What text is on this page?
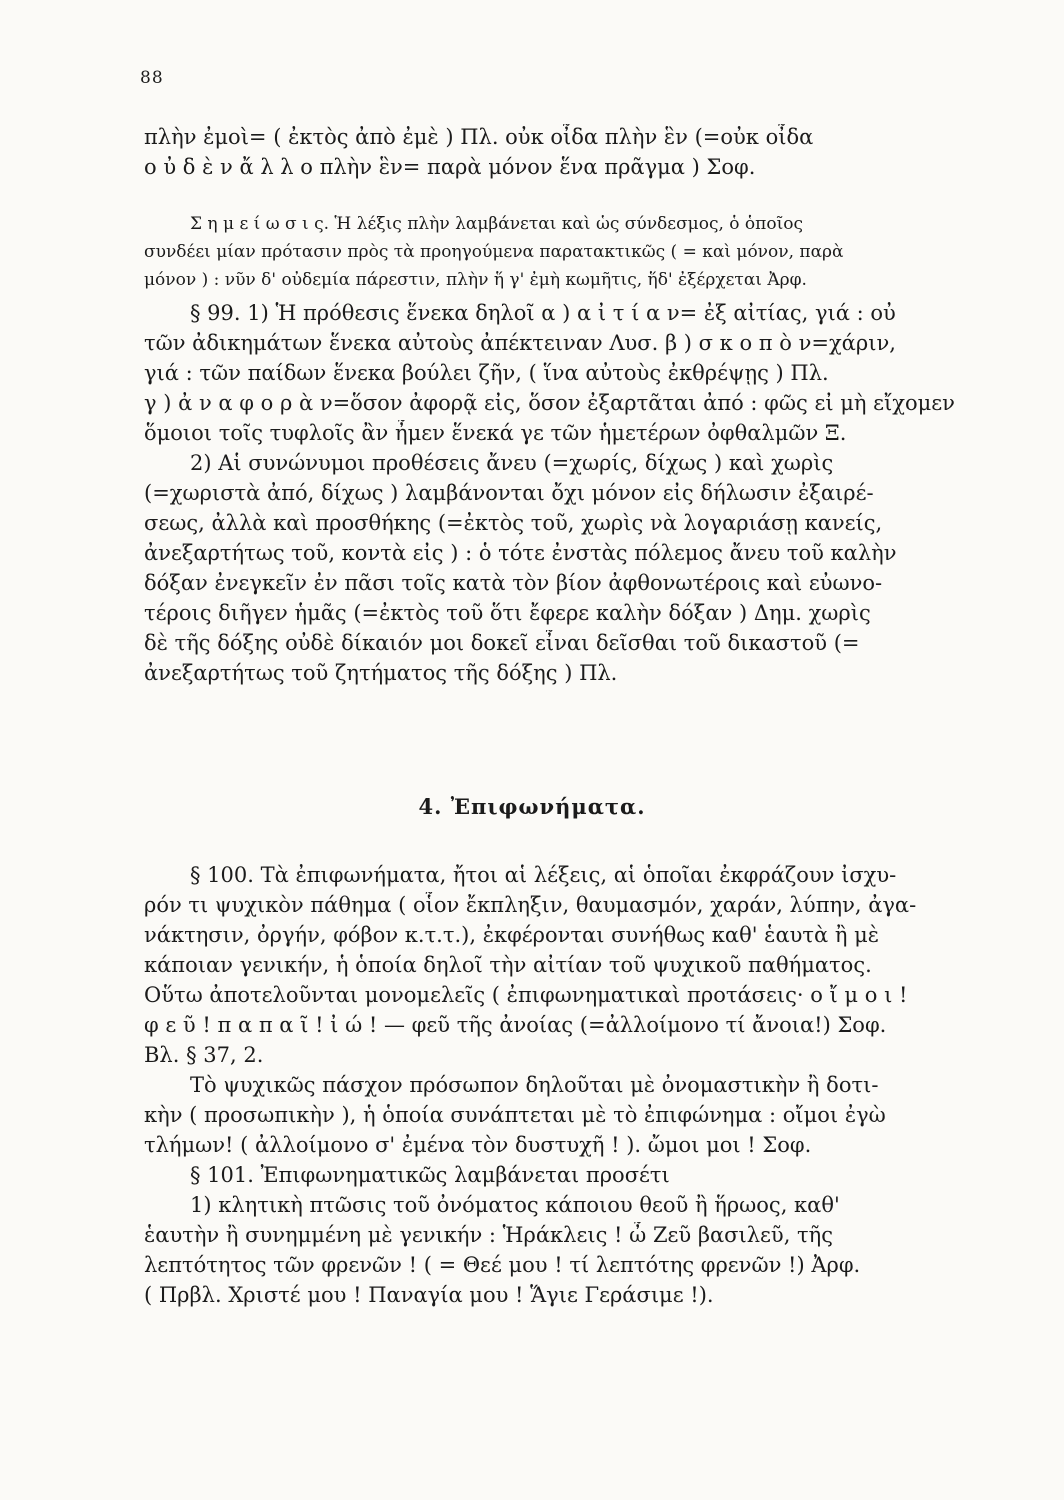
88
πλὴν ἐμοὶ= ( ἐκτὸς ἀπὸ ἐμὲ ) Πλ. οὐκ οἶδα πλὴν ἓν (=οὐκ οἶδα
ο ὐ δ ὲ ν ἄ λ λ ο πλὴν ἓν= παρὰ μόνον ἕνα πρᾶγμα ) Σοφ.
Σ η μ ε ί ω σ ι ς. Ἡ λέξις πλὴν λαμβάνεται καὶ ὡς σύνδεσμος, ὁ ὁποῖος
συνδέει μίαν πρότασιν πρὸς τὰ προηγούμενα παρατακτικῶς ( = καὶ μόνον, παρὰ
μόνον ) : νῦν δ' οὐδεμία πάρεστιν, πλὴν ἥ γ' ἐμὴ κωμῆτις, ἥδ' ἐξέρχεται Ἀρφ.
§ 99. 1) Ἡ πρόθεσις ἕνεκα δηλοῖ α ) α ἰ τ ί α ν= ἐξ αἰτίας, γιά : οὐ
τῶν ἀδικημάτων ἕνεκα αὐτοὺς ἀπέκτειναν Λυσ. β ) σ κ ο π ὸ ν=χάριν,
γιά : τῶν παίδων ἕνεκα βούλει ζῆν, ( ἵνα αὐτοὺς ἐκθρέψῃς ) Πλ.
γ ) ἀ ν α φ ο ρ ὰ ν=ὅσον ἀφορᾷ εἰς, ὅσον ἐξαρτᾶται ἀπό : φῶς εἰ μὴ εἴχομεν
ὅμοιοι τοῖς τυφλοῖς ἂν ἦμεν ἕνεκά γε τῶν ἡμετέρων ὀφθαλμῶν Ξ.
2) Αἱ συνώνυμοι προθέσεις ἄνευ (=χωρίς, δίχως ) καὶ χωρὶς
(=χωριστὰ ἀπό, δίχως ) λαμβάνονται ὄχι μόνον εἰς δήλωσιν ἐξαιρέ-
σεως, ἀλλὰ καὶ προσθήκης (=ἐκτὸς τοῦ, χωρὶς νὰ λογαριάσῃ κανείς,
ἀνεξαρτήτως τοῦ, κοντὰ εἰς ) : ὁ τότε ἐνστὰς πόλεμος ἄνευ τοῦ καλὴν
δόξαν ἐνεγκεῖν ἐν πᾶσι τοῖς κατὰ τὸν βίον ἀφθονωτέροις καὶ εὐωνο-
τέροις διῆγεν ἡμᾶς (=ἐκτὸς τοῦ ὅτι ἔφερε καλὴν δόξαν ) Δημ. χωρὶς
δὲ τῆς δόξης οὐδὲ δίκαιόν μοι δοκεῖ εἶναι δεῖσθαι τοῦ δικαστοῦ (=
ἀνεξαρτήτως τοῦ ζητήματος τῆς δόξης ) Πλ.
4. Ἐπιφωνήματα.
§ 100. Τὰ ἐπιφωνήματα, ἤτοι αἱ λέξεις, αἱ ὁποῖαι ἐκφράζουν ἰσχυ-
ρόν τι ψυχικὸν πάθημα ( οἷον ἔκπληξιν, θαυμασμόν, χαράν, λύπην, ἀγα-
νάκτησιν, ὀργήν, φόβον κ.τ.τ.), ἐκφέρονται συνήθως καθ' ἑαυτὰ ἢ μὲ
κάποιαν γενικήν, ἡ ὁποία δηλοῖ τὴν αἰτίαν τοῦ ψυχικοῦ παθήματος.
Οὕτω ἀποτελοῦνται μονομελεῖς ( ἐπιφωνηματικαὶ προτάσεις· ο ἴ μ ο ι !
φ ε ῦ ! π α π α ῖ ! ἰ ώ ! — φεῦ τῆς ἀνοίας (=ἀλλοίμονο τί ἄνοια!) Σοφ.
Βλ. § 37, 2.
Τὸ ψυχικῶς πάσχον πρόσωπον δηλοῦται μὲ ὀνομαστικὴν ἢ δοτι-
κὴν ( προσωπικὴν ), ἡ ὁποία συνάπτεται μὲ τὸ ἐπιφώνημα : οἴμοι ἐγὼ
τλήμων! ( ἀλλοίμονο σ' ἐμένα τὸν δυστυχῆ ! ). ὤμοι μοι ! Σοφ.
§ 101. Ἐπιφωνηματικῶς λαμβάνεται προσέτι
1) κλητικὴ πτῶσις τοῦ ὀνόματος κάποιου θεοῦ ἢ ἥρωος, καθ'
ἑαυτὴν ἢ συνημμένη μὲ γενικήν : Ἡράκλεις ! ὦ Ζεῦ βασιλεῦ, τῆς
λεπτότητος τῶν φρενῶν ! ( = Θεέ μου ! τί λεπτότης φρενῶν !) Ἀρφ.
( Πρβλ. Χριστέ μου ! Παναγία μου ! Ἅγιε Γεράσιμε !).
